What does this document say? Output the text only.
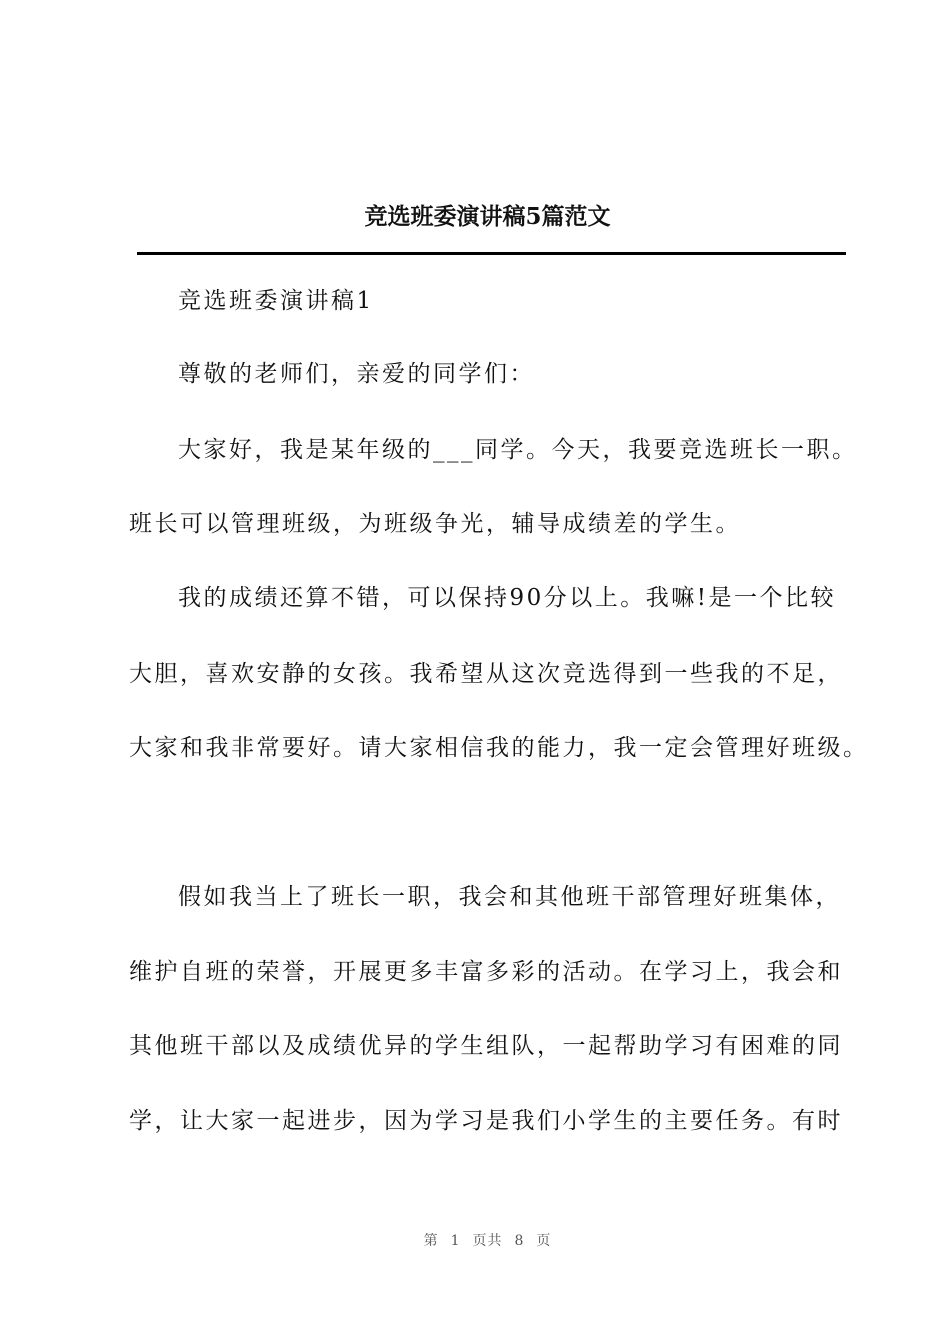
竞选班委演讲稿5篇范文
竞选班委演讲稿1
尊敬的老师们，亲爱的同学们：
大家好，我是某年级的___同学。今天，我要竞选班长一职。
班长可以管理班级，为班级争光，辅导成绩差的学生。
我的成绩还算不错，可以保持90分以上。我嘛!是一个比较
大胆，喜欢安静的女孩。我希望从这次竞选得到一些我的不足，
大家和我非常要好。请大家相信我的能力，我一定会管理好班级。
假如我当上了班长一职，我会和其他班干部管理好班集体，
维护自班的荣誉，开展更多丰富多彩的活动。在学习上，我会和
其他班干部以及成绩优异的学生组队，一起帮助学习有困难的同
学，让大家一起进步，因为学习是我们小学生的主要任务。有时
第 1 页共 8 页
